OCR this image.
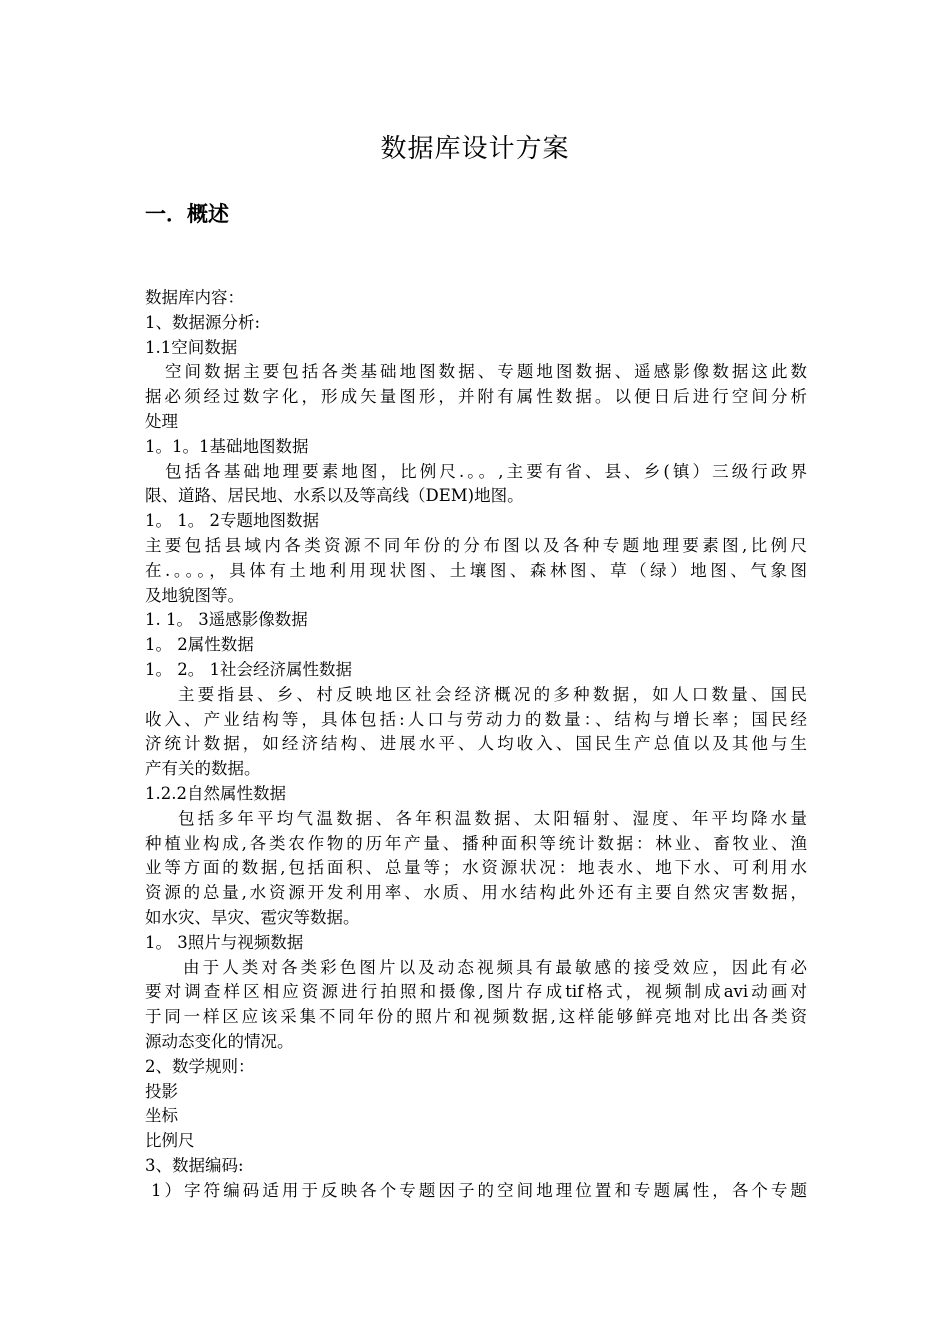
数据库设计方案
一．概述
数据库内容：
1、数据源分析:
1.1空间数据
空间数据主要包括各类基础地图数据、专题地图数据、遥感影像数据这此数
据必须经过数字化，形成矢量图形，并附有属性数据。以便日后进行空间分析
处理
1。1。1基础地图数据
包括各基础地理要素地图，比例尺.。。,主要有省、县、乡(镇）三级行政界
限、道路、居民地、水系以及等高线（DEM)地图。
1。 1。 2专题地图数据
主要包括县域内各类资源不同年份的分布图以及各种专题地理要素图,比例尺
在.。。。，具体有土地利用现状图、土壤图、森林图、草（绿）地图、气象图
及地貌图等。
1. 1。 3遥感影像数据
1。 2属性数据
1。 2。 1社会经济属性数据
主要指县、乡、村反映地区社会经济概况的多种数据，如人口数量、国民
收入、产业结构等，具体包括:人口与劳动力的数量：、结构与增长率；国民经
济统计数据，如经济结构、进展水平、人均收入、国民生产总值以及其他与生
产有关的数据。
1.2.2自然属性数据
包括多年平均气温数据、各年积温数据、太阳辐射、湿度、年平均降水量
种植业构成,各类农作物的历年产量、播种面积等统计数据：林业、畜牧业、渔
业等方面的数据,包括面积、总量等；水资源状况：地表水、地下水、可利用水
资源的总量,水资源开发利用率、水质、用水结构此外还有主要自然灾害数据，
如水灾、旱灾、雹灾等数据。
1。 3照片与视频数据
由于人类对各类彩色图片以及动态视频具有最敏感的接受效应，因此有必
要对调查样区相应资源进行拍照和摄像,图片存成tif格式，视频制成avi动画对
于同一样区应该采集不同年份的照片和视频数据,这样能够鲜亮地对比出各类资
源动态变化的情况。
2、数学规则：
投影
坐标
比例尺
3、数据编码:
1）字符编码适用于反映各个专题因子的空间地理位置和专题属性，各个专题
